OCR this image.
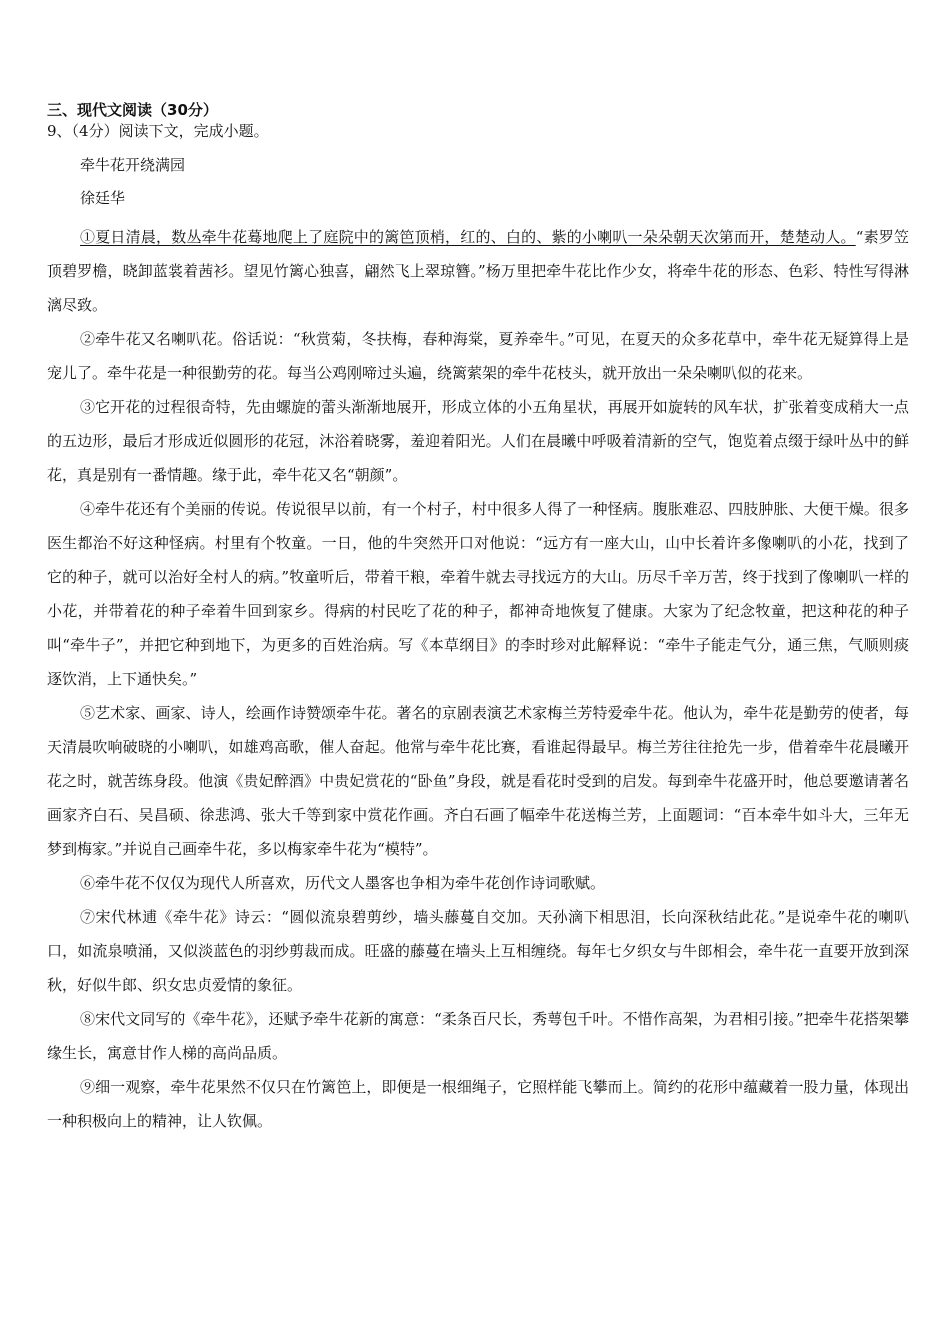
三、现代文阅读（30分）

9、（4分）阅读下文，完成小题。

牵牛花开绕满园

徐廷华

①夏日清晨，数丛牵牛花蓦地爬上了庭院中的篱笆顶梢，红的、白的、紫的小喇叭一朵朵朝天次第而开，楚楚动人。“素罗笠顶碧罗檐，晓卸蓝裳着茜衫。望见竹篱心独喜，翩然飞上翠琼簪。”杨万里把牵牛花比作少女，将牵牛花的形态、色彩、特性写得淋漓尽致。

②牵牛花又名喇叭花。俗话说：“秋赏菊，冬扶梅，春种海棠，夏养牵牛。”可见，在夏天的众多花草中，牵牛花无疑算得上是宠儿了。牵牛花是一种很勤劳的花。每当公鸡刚啼过头遍，绕篱萦架的牵牛花枝头，就开放出一朵朵喇叭似的花来。

③它开花的过程很奇特，先由螺旋的蕾头渐渐地展开，形成立体的小五角星状，再展开如旋转的风车状，扩张着变成稍大一点的五边形，最后才形成近似圆形的花冠，沐浴着晓雾，羞迎着阳光。人们在晨曦中呼吸着清新的空气，饱览着点缀于绿叶丛中的鲜花，真是别有一番情趣。缘于此，牵牛花又名“朝颜”。

④牵牛花还有个美丽的传说。传说很早以前，有一个村子，村中很多人得了一种怪病。腹胀难忍、四肢肿胀、大便干燥。很多医生都治不好这种怪病。村里有个牧童。一日，他的牛突然开口对他说：“远方有一座大山，山中长着许多像喇叭的小花，找到了它的种子，就可以治好全村人的病。”牧童听后，带着干粮，牵着牛就去寻找远方的大山。历尽千辛万苦，终于找到了像喇叭一样的小花，并带着花的种子牵着牛回到家乡。得病的村民吃了花的种子，都神奇地恢复了健康。大家为了纪念牧童，把这种花的种子叫“牵牛子”，并把它种到地下，为更多的百姓治病。写《本草纲目》的李时珍对此解释说：“牵牛子能走气分，通三焦，气顺则痰逐饮消，上下通快矣。”

⑤艺术家、画家、诗人，绘画作诗赞颂牵牛花。著名的京剧表演艺术家梅兰芳特爱牵牛花。他认为，牵牛花是勤劳的使者，每天清晨吹响破晓的小喇叭，如雄鸡高歌，催人奋起。他常与牵牛花比赛，看谁起得最早。梅兰芳往往抢先一步，借着牵牛花晨曦开花之时，就苦练身段。他演《贵妃醉酒》中贵妃赏花的“卧鱼”身段，就是看花时受到的启发。每到牵牛花盛开时，他总要邀请著名画家齐白石、吴昌硕、徐悲鸿、张大千等到家中赏花作画。齐白石画了幅牵牛花送梅兰芳，上面题词：“百本牵牛如斗大，三年无梦到梅家。”并说自己画牵牛花，多以梅家牵牛花为“模特”。

⑥牵牛花不仅仅为现代人所喜欢，历代文人墨客也争相为牵牛花创作诗词歌赋。

⑦宋代林逋《牵牛花》诗云：“圆似流泉碧剪纱，墙头藤蔓自交加。天孙滴下相思泪，长向深秋结此花。”是说牵牛花的喇叭口，如流泉喷涌，又似淡蓝色的羽纱剪裁而成。旺盛的藤蔓在墙头上互相缠绕。每年七夕织女与牛郎相会，牵牛花一直要开放到深秋，好似牛郎、织女忠贞爱情的象征。

⑧宋代文同写的《牵牛花》，还赋予牵牛花新的寓意：“柔条百尺长，秀萼包千叶。不惜作高架，为君相引接。”把牵牛花搭架攀缘生长，寓意甘作人梯的高尚品质。

⑨细一观察，牵牛花果然不仅只在竹篱笆上，即便是一根细绳子，它照样能飞攀而上。简约的花形中蕴藏着一股力量，体现出一种积极向上的精神，让人钦佩。
